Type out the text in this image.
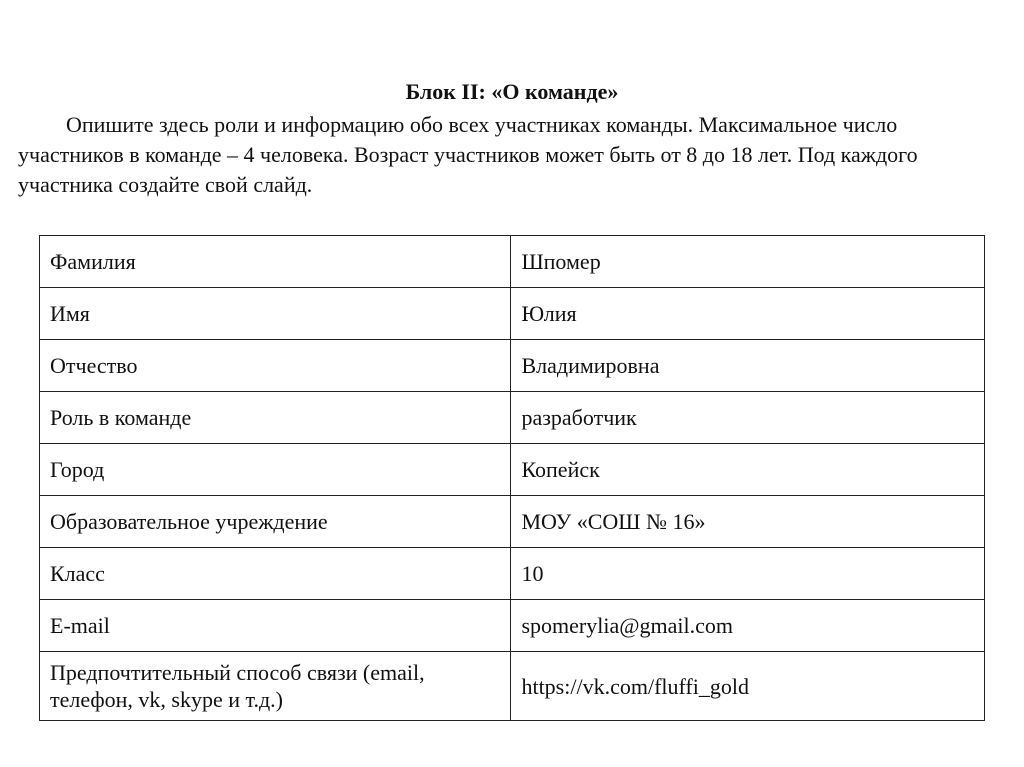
Блок II: «О команде»

Опишите здесь роли и информацию обо всех участниках команды. Максимальное число участников в команде – 4 человека. Возраст участников может быть от 8 до 18 лет. Под каждого участника создайте свой слайд.

Фамилия	Шпомер
Имя	Юлия
Отчество	Владимировна
Роль в команде	разработчик
Город	Копейск
Образовательное учреждение	МОУ «СОШ № 16»
Класс	10
E-mail	spomerylia@gmail.com
Предпочтительный способ связи (email, телефон, vk, skype и т.д.)	https://vk.com/fluffi_gold
